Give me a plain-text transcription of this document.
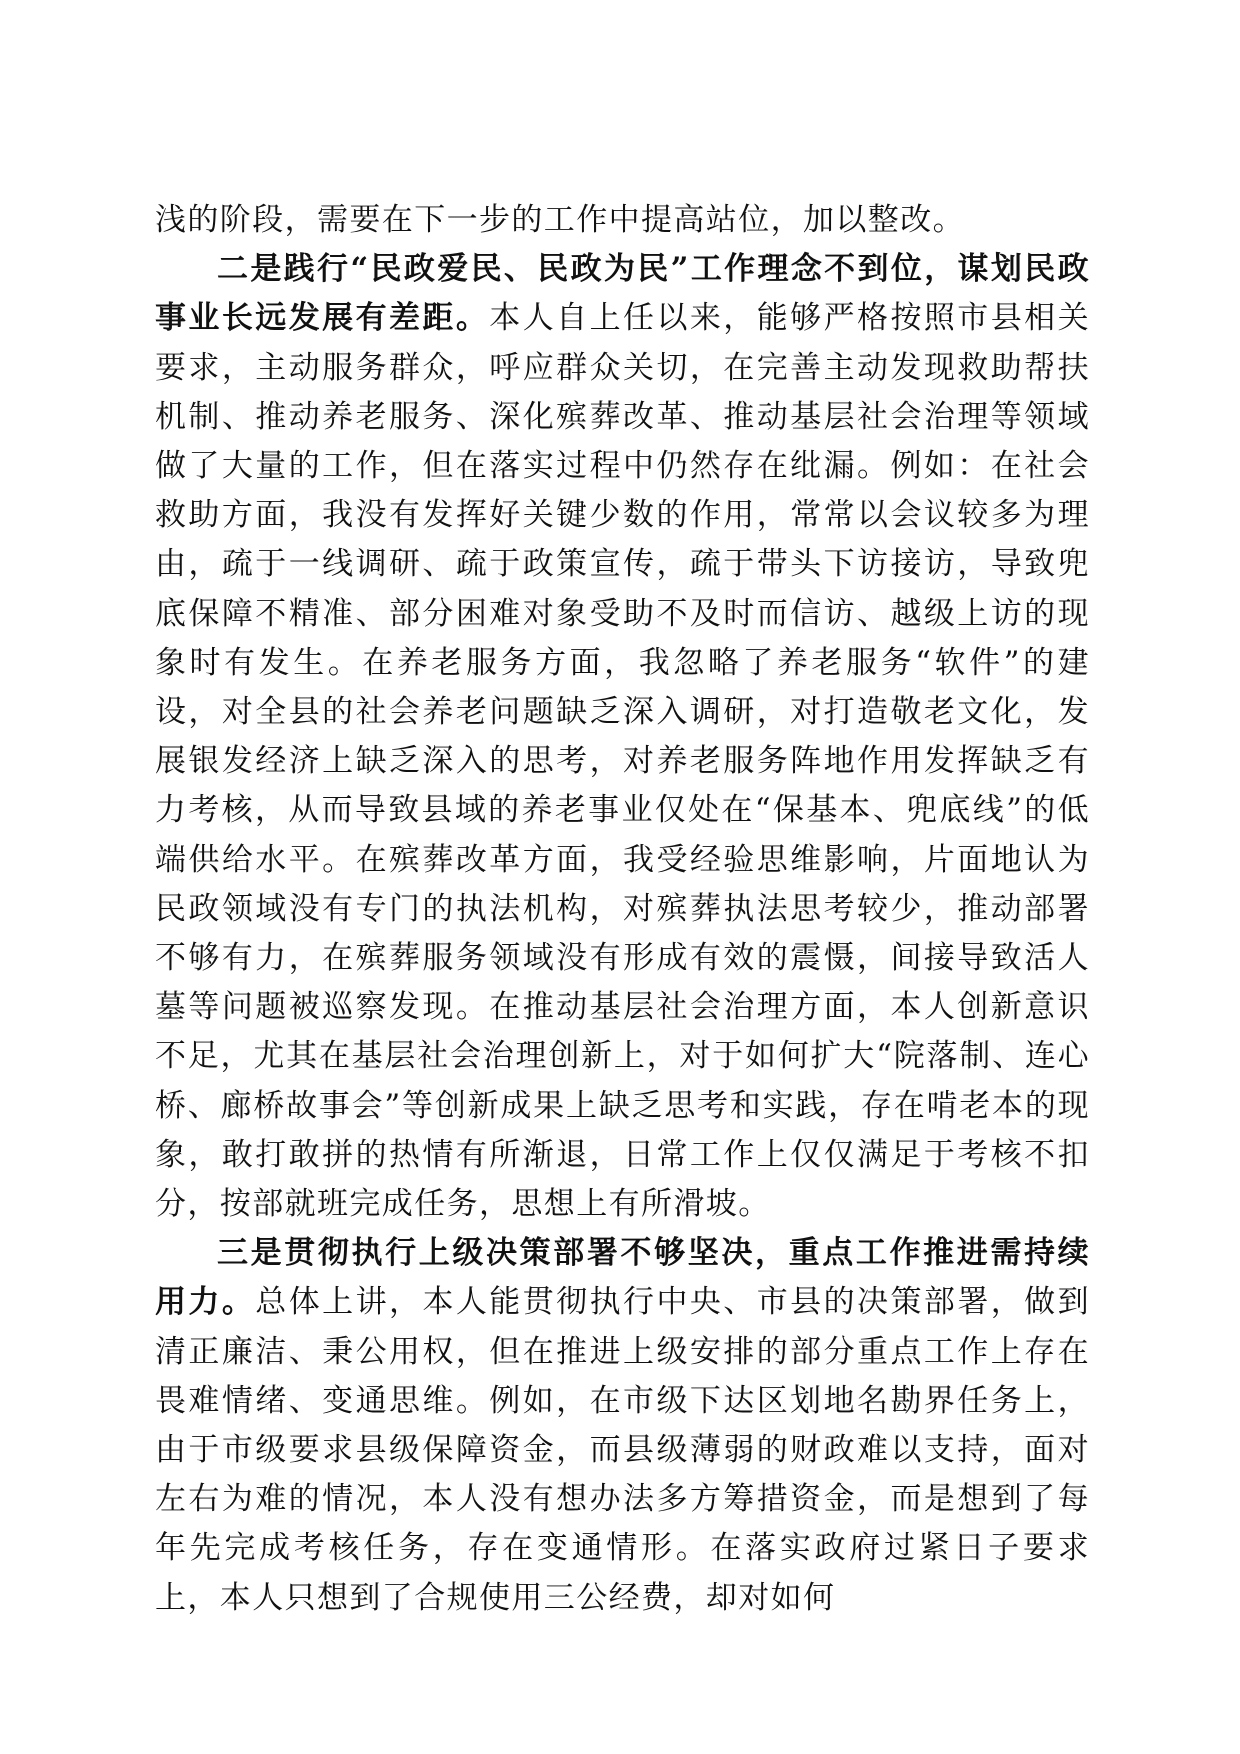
浅的阶段，需要在下一步的工作中提高站位，加以整改。

二是践行“民政爱民、民政为民”工作理念不到位，谋划民政事业长远发展有差距。本人自上任以来，能够严格按照市县相关要求，主动服务群众，呼应群众关切，在完善主动发现救助帮扶机制、推动养老服务、深化殡葬改革、推动基层社会治理等领域做了大量的工作，但在落实过程中仍然存在纰漏。例如：在社会救助方面，我没有发挥好关键少数的作用，常常以会议较多为理由，疏于一线调研、疏于政策宣传，疏于带头下访接访，导致兜底保障不精准、部分困难对象受助不及时而信访、越级上访的现象时有发生。在养老服务方面，我忽略了养老服务“软件”的建设，对全县的社会养老问题缺乏深入调研，对打造敬老文化，发展银发经济上缺乏深入的思考，对养老服务阵地作用发挥缺乏有力考核，从而导致县域的养老事业仅处在“保基本、兜底线”的低端供给水平。在殡葬改革方面，我受经验思维影响，片面地认为民政领域没有专门的执法机构，对殡葬执法思考较少，推动部署不够有力，在殡葬服务领域没有形成有效的震慑，间接导致活人墓等问题被巡察发现。在推动基层社会治理方面，本人创新意识不足，尤其在基层社会治理创新上，对于如何扩大“院落制、连心桥、廊桥故事会”等创新成果上缺乏思考和实践，存在啃老本的现象，敢打敢拼的热情有所渐退，日常工作上仅仅满足于考核不扣分，按部就班完成任务，思想上有所滑坡。

三是贯彻执行上级决策部署不够坚决，重点工作推进需持续用力。总体上讲，本人能贯彻执行中央、市县的决策部署，做到清正廉洁、秉公用权，但在推进上级安排的部分重点工作上存在畏难情绪、变通思维。例如，在市级下达区划地名勘界任务上，由于市级要求县级保障资金，而县级薄弱的财政难以支持，面对左右为难的情况，本人没有想办法多方筹措资金，而是想到了每年先完成考核任务，存在变通情形。在落实政府过紧日子要求上，本人只想到了合规使用三公经费，却对如何
